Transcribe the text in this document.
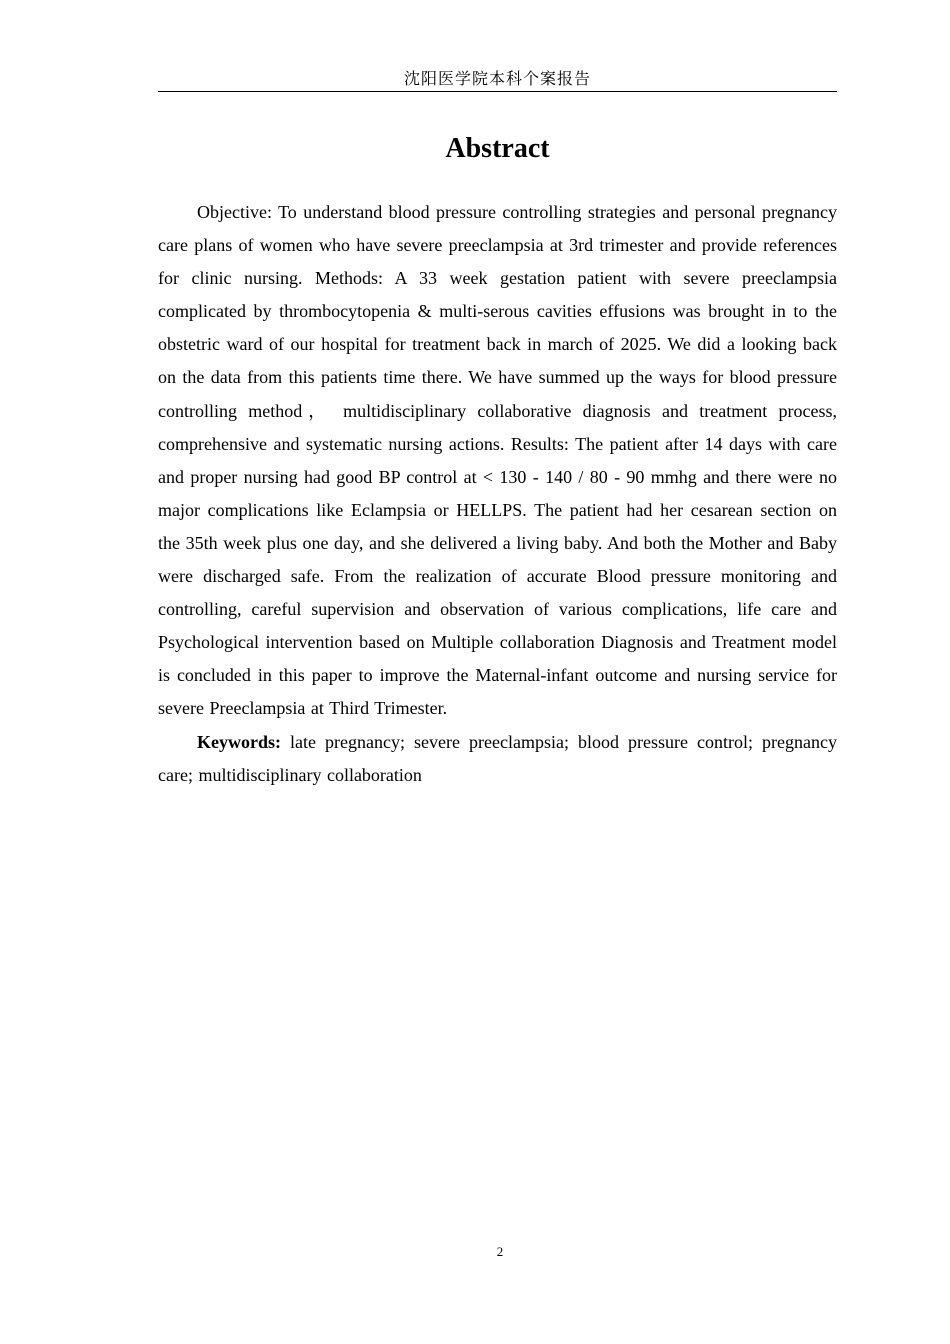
沈阳医学院本科个案报告
Abstract

Objective: To understand blood pressure controlling strategies and personal pregnancy care plans of women who have severe preeclampsia at 3rd trimester and provide references for clinic nursing. Methods: A 33 week gestation patient with severe preeclampsia complicated by thrombocytopenia & multi-serous cavities effusions was brought in to the obstetric ward of our hospital for treatment back in march of 2025. We did a looking back on the data from this patients time there. We have summed up the ways for blood pressure controlling method， multidisciplinary collaborative diagnosis and treatment process, comprehensive and systematic nursing actions. Results: The patient after 14 days with care and proper nursing had good BP control at < 130 - 140 / 80 - 90 mmhg and there were no major complications like Eclampsia or HELLPS. The patient had her cesarean section on the 35th week plus one day, and she delivered a living baby. And both the Mother and Baby were discharged safe. From the realization of accurate Blood pressure monitoring and controlling, careful supervision and observation of various complications, life care and Psychological intervention based on Multiple collaboration Diagnosis and Treatment model is concluded in this paper to improve the Maternal-infant outcome and nursing service for severe Preeclampsia at Third Trimester.

Keywords: late pregnancy; severe preeclampsia; blood pressure control; pregnancy care; multidisciplinary collaboration

2
